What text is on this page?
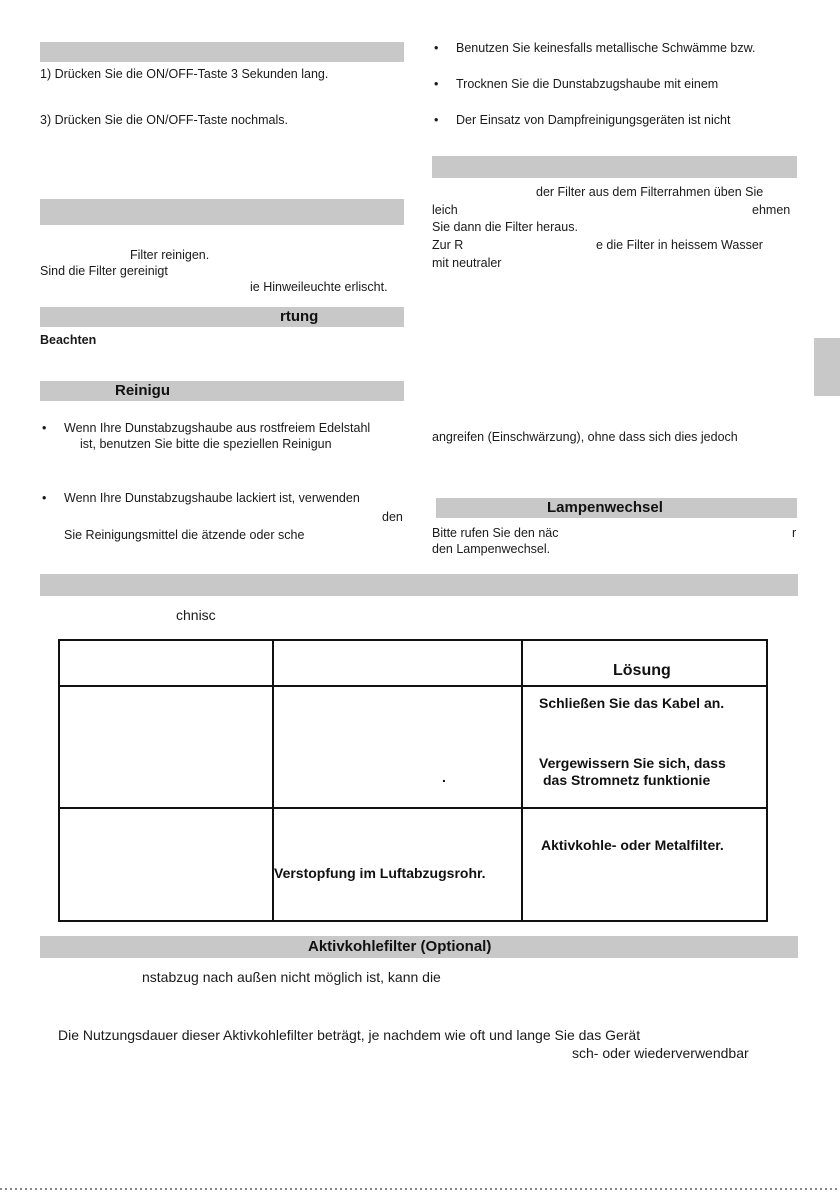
1) Drücken Sie die ON/OFF-Taste 3 Sekunden lang.
3) Drücken Sie die ON/OFF-Taste nochmals.
Filter reinigen.
Sind die Filter gereinigt
ie Hinweileuchte erlischt.
rtung
Beachten
Reinigu
• Wenn Ihre Dunstabzugshaube aus rostfreiem Edelstahl
ist, benutzen Sie bitte die speziellen Reinigun
• Wenn Ihre Dunstabzugshaube lackiert ist, verwenden
den
Sie Reinigungsmittel die ätzende oder sche
• Benutzen Sie keinesfalls metallische Schwämme bzw.
• Trocknen Sie die Dunstabzugshaube mit einem
• Der Einsatz von Dampfreinigungsgeräten ist nicht
der Filter aus dem Filterrahmen üben Sie
leich	ehmen
Sie dann die Filter heraus.
Zur R	e die Filter in heissem Wasser
mit neutraler
angreifen (Einschwärzung), ohne dass sich dies jedoch
Lampenwechsel
Bitte rufen Sie den näc	r
den Lampenwechsel.
chnisc

		Lösung

	.	Schließen Sie das Kabel an.
Vergewissern Sie sich, dass
das Stromnetz funktionie

	Verstopfung im Luftabzugsrohr.	Aktivkohle- oder Metalfilter.
Aktivkohlefilter (Optional)
nstabzug nach außen nicht möglich ist, kann die
Die Nutzungsdauer dieser Aktivkohlefilter beträgt, je nachdem wie oft und lange Sie das Gerät
sch- oder wiederverwendbar
